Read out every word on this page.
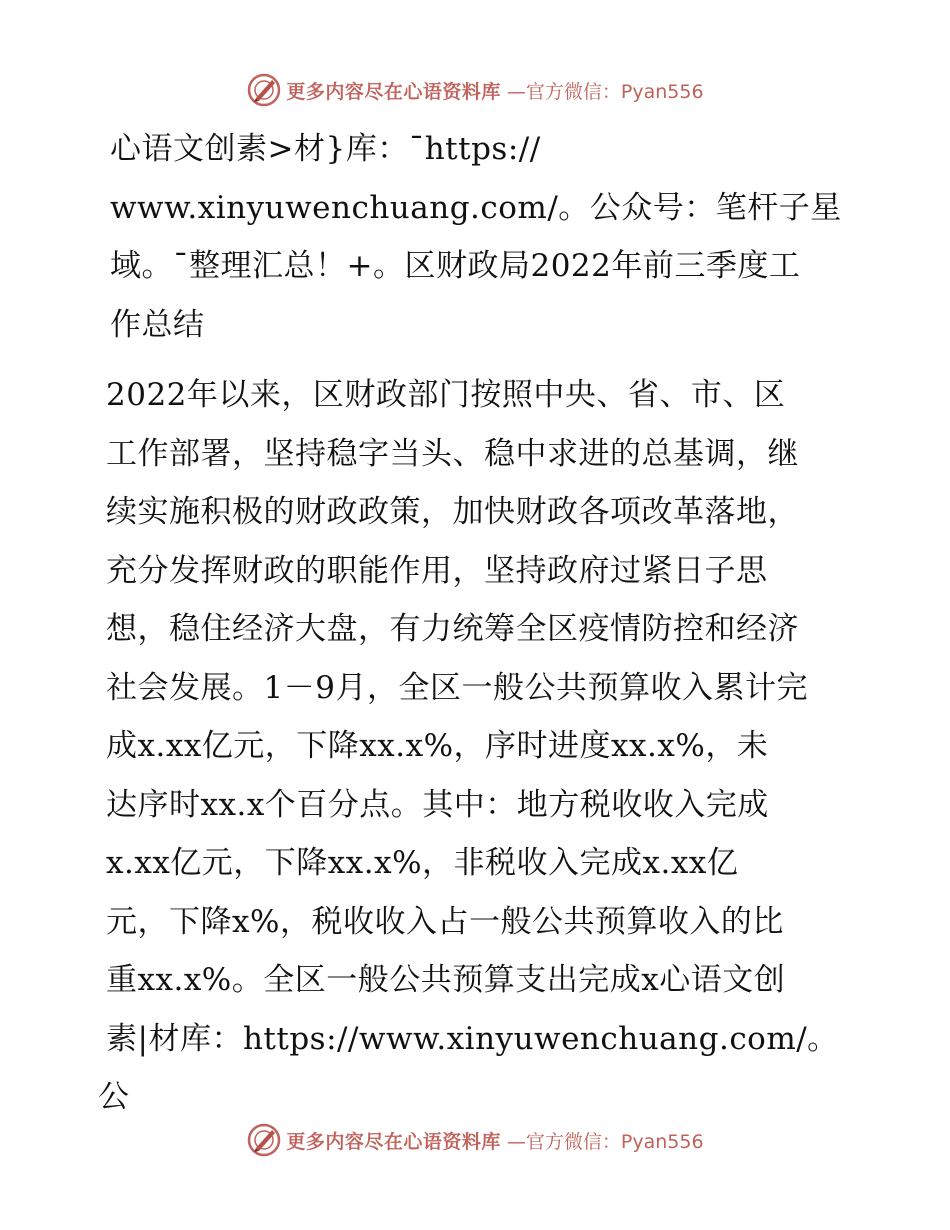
更多内容尽在心语资料库 —官方微信：Pyan556
心语文创素>材}库：¯https://
www.xinyuwenchuang.com/。公众号：笔杆子星
域。¯整理汇总！+。区财政局2022年前三季度工
作总结
2022年以来，区财政部门按照中央、省、市、区
工作部署，坚持稳字当头、稳中求进的总基调，继
续实施积极的财政政策，加快财政各项改革落地，
充分发挥财政的职能作用，坚持政府过紧日子思
想，稳住经济大盘，有力统筹全区疫情防控和经济
社会发展。1－9月，全区一般公共预算收入累计完
成x.xx亿元，下降xx.x%，序时进度xx.x%，未
达序时xx.x个百分点。其中：地方税收收入完成
x.xx亿元，下降xx.x%，非税收入完成x.xx亿
元，下降x%，税收收入占一般公共预算收入的比
重xx.x%。全区一般公共预算支出完成x心语文创
素|材库：https://www.xinyuwenchuang.com/。公
更多内容尽在心语资料库 —官方微信：Pyan556
